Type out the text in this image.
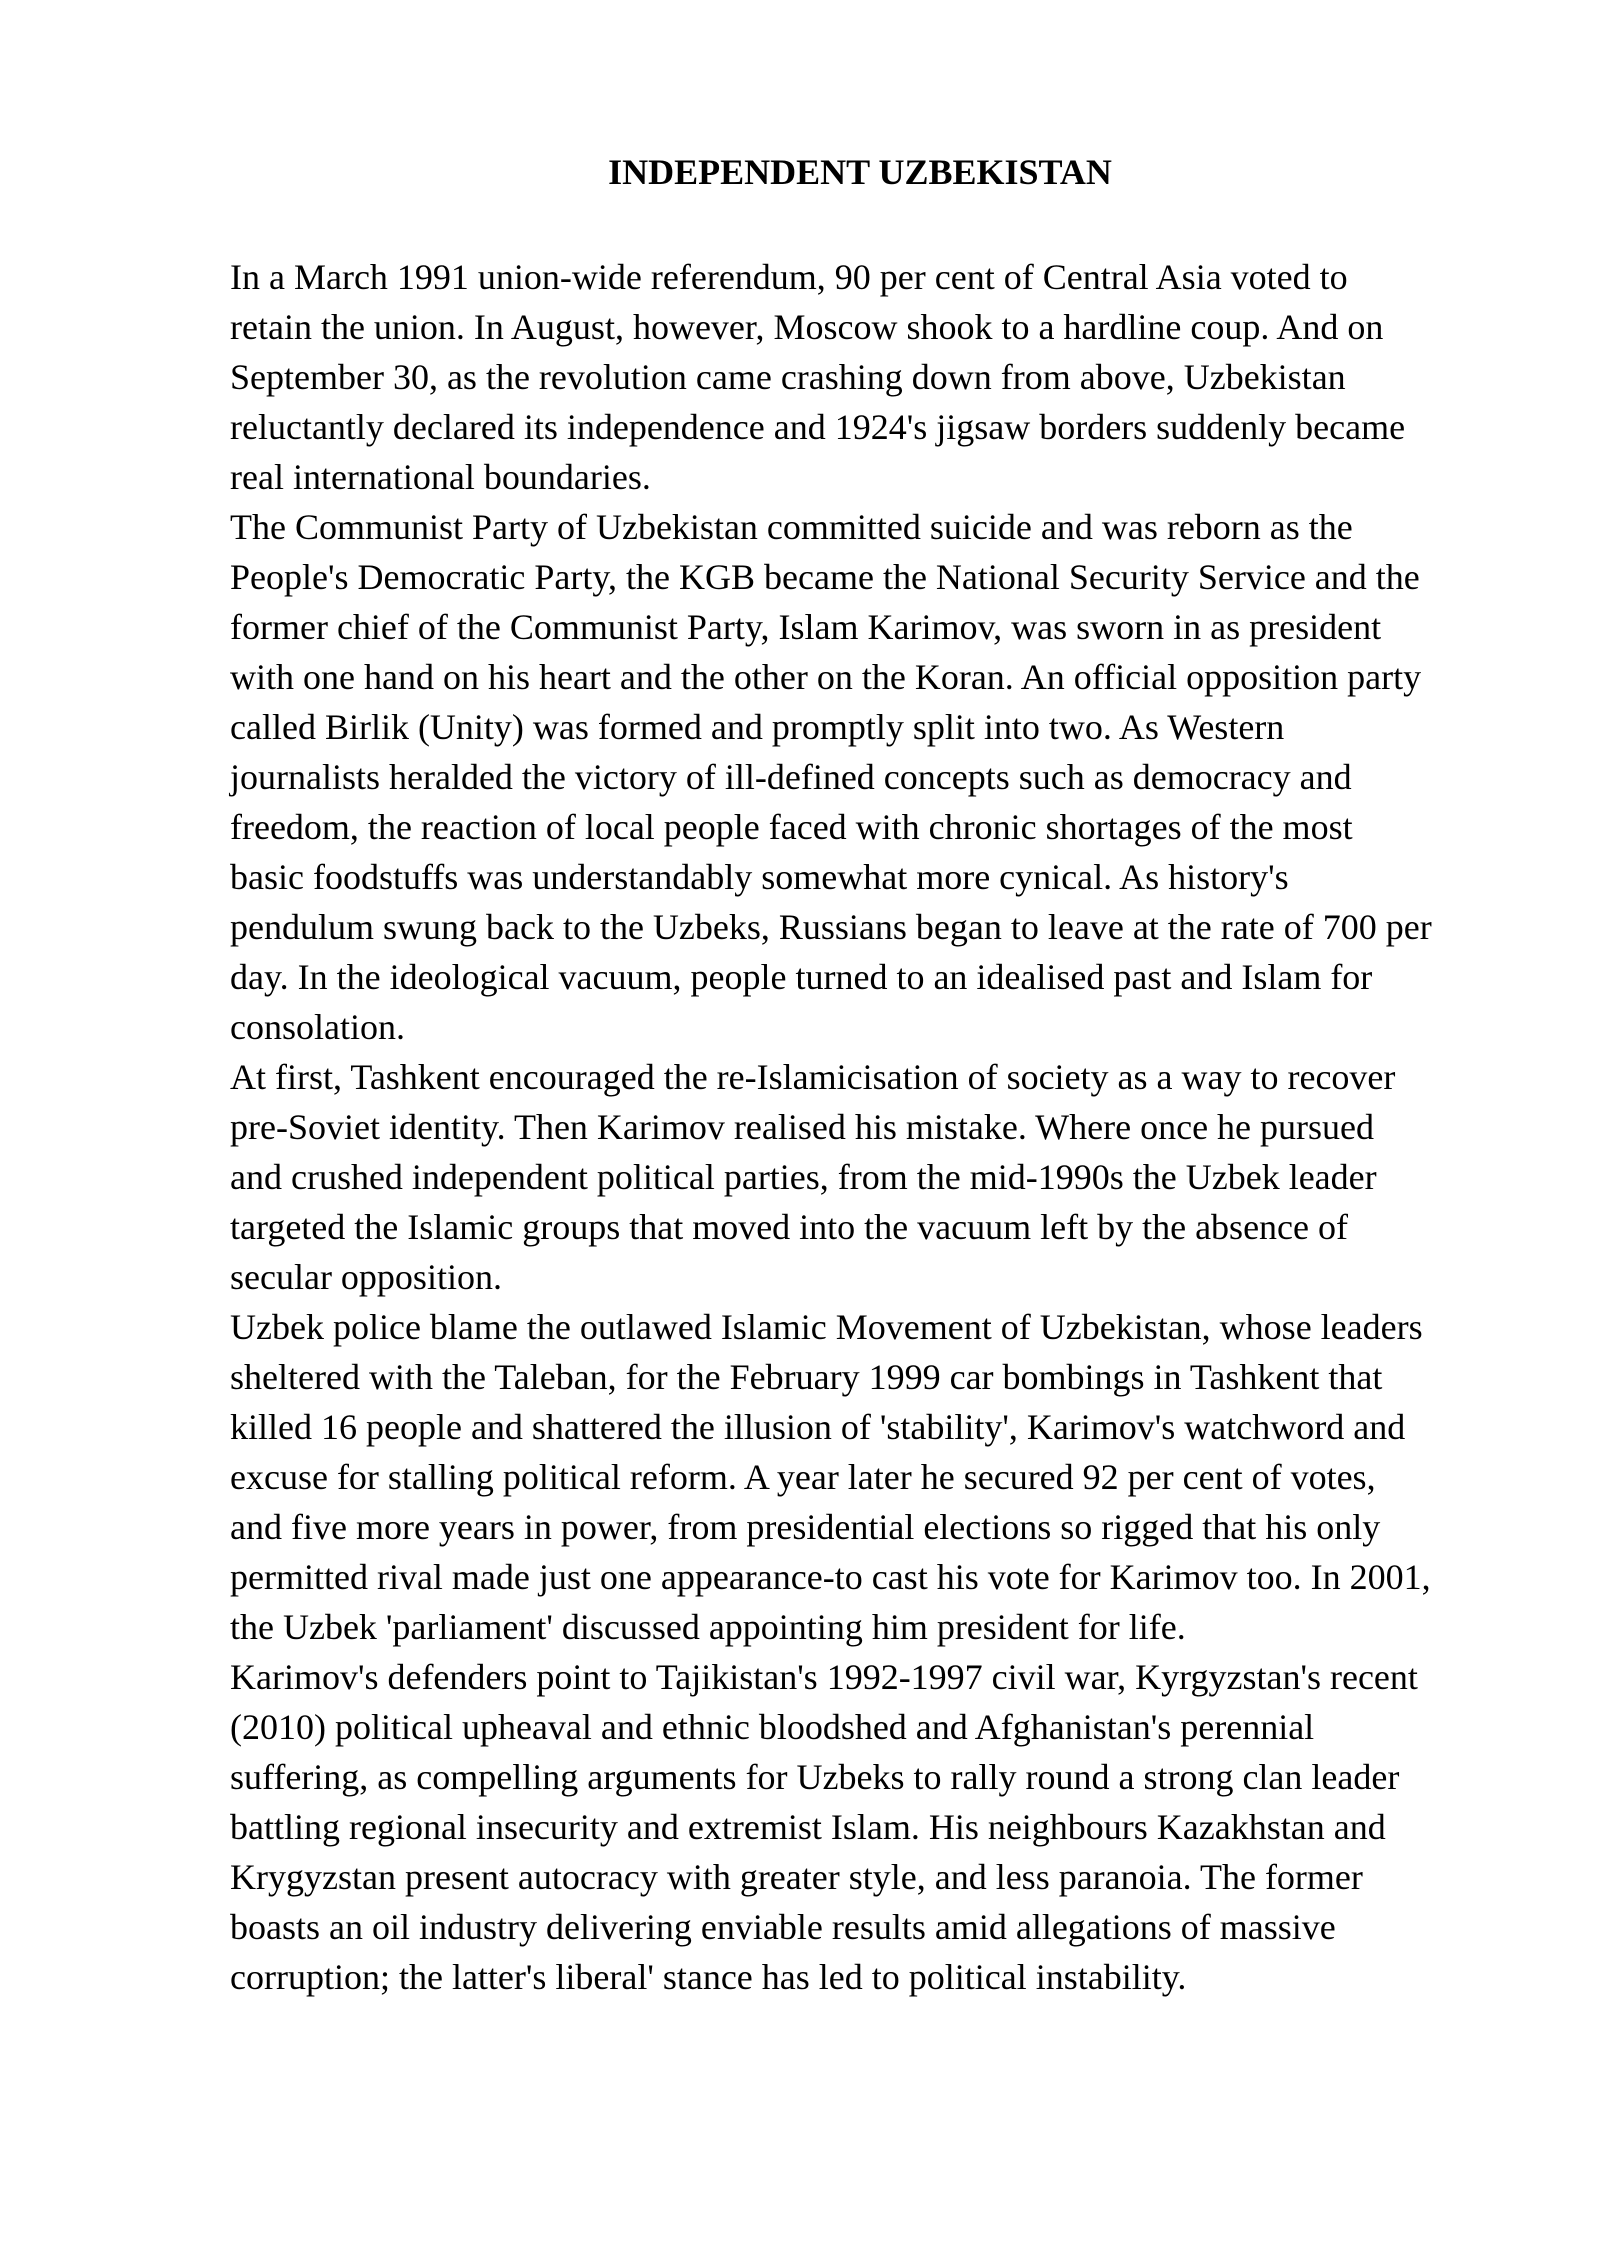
INDEPENDENT UZBEKISTAN

In a March 1991 union-wide referendum, 90 per cent of Central Asia voted to
retain the union. In August, however, Moscow shook to a hardline coup. And on
September 30, as the revolution came crashing down from above, Uzbekistan
reluctantly declared its independence and 1924's jigsaw borders suddenly became
real international boundaries.

The Communist Party of Uzbekistan committed suicide and was reborn as the
People's Democratic Party, the KGB became the National Security Service and the
former chief of the Communist Party, Islam Karimov, was sworn in as president
with one hand on his heart and the other on the Koran. An official opposition party
called Birlik (Unity) was formed and promptly split into two. As Western
journalists heralded the victory of ill-defined concepts such as democracy and
freedom, the reaction of local people faced with chronic shortages of the most
basic foodstuffs was understandably somewhat more cynical. As history's
pendulum swung back to the Uzbeks, Russians began to leave at the rate of 700 per
day. In the ideological vacuum, people turned to an idealised past and Islam for
consolation.

At first, Tashkent encouraged the re-Islamicisation of society as a way to recover
pre-Soviet identity. Then Karimov realised his mistake. Where once he pursued
and crushed independent political parties, from the mid-1990s the Uzbek leader
targeted the Islamic groups that moved into the vacuum left by the absence of
secular opposition.

Uzbek police blame the outlawed Islamic Movement of Uzbekistan, whose leaders
sheltered with the Taleban, for the February 1999 car bombings in Tashkent that
killed 16 people and shattered the illusion of 'stability', Karimov's watchword and
excuse for stalling political reform. A year later he secured 92 per cent of votes,
and five more years in power, from presidential elections so rigged that his only
permitted rival made just one appearance-to cast his vote for Karimov too. In 2001,
the Uzbek 'parliament' discussed appointing him president for life.

Karimov's defenders point to Tajikistan's 1992-1997 civil war, Kyrgyzstan's recent
(2010) political upheaval and ethnic bloodshed and Afghanistan's perennial
suffering, as compelling arguments for Uzbeks to rally round a strong clan leader
battling regional insecurity and extremist Islam. His neighbours Kazakhstan and
Krygyzstan present autocracy with greater style, and less paranoia. The former
boasts an oil industry delivering enviable results amid allegations of massive
corruption; the latter's liberal' stance has led to political instability.
